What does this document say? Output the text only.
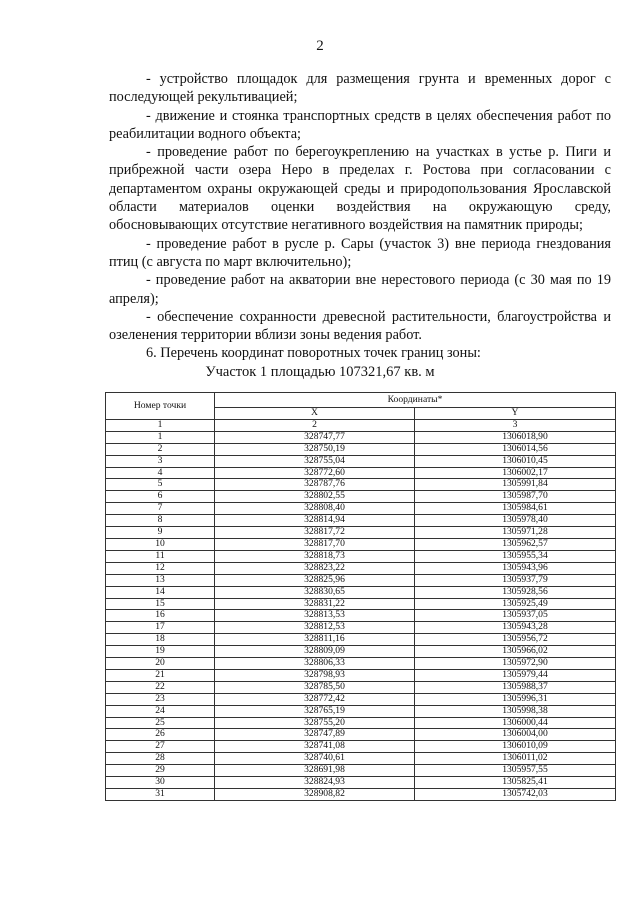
2

- устройство площадок для размещения грунта и временных дорог с последующей рекультивацией;

- движение и стоянка транспортных средств в целях обеспечения работ по реабилитации водного объекта;

- проведение работ по берегоукреплению на участках в устье р. Пиги и прибрежной части озера Неро в пределах г. Ростова при согласовании с департаментом охраны окружающей среды и природопользования Ярославской области материалов оценки воздействия на окружающую среду, обосновывающих отсутствие негативного воздействия на памятник природы;

- проведение работ в русле р. Сары (участок 3) вне периода гнездования птиц (с августа по март включительно);

- проведение работ на акватории вне нерестового периода (с 30 мая по 19 апреля);

- обеспечение сохранности древесной растительности, благоустройства и озеленения территории вблизи зоны ведения работ.

6. Перечень координат поворотных точек границ зоны:

Участок 1 площадью 107321,67 кв. м
Номер точки	Координаты*	
	X	Y
1	2	3
1	328747,77	1306018,90
2	328750,19	1306014,56
3	328755,04	1306010,45
4	328772,60	1306002,17
5	328787,76	1305991,84
6	328802,55	1305987,70
7	328808,40	1305984,61
8	328814,94	1305978,40
9	328817,72	1305971,28
10	328817,70	1305962,57
11	328818,73	1305955,34
12	328823,22	1305943,96
13	328825,96	1305937,79
14	328830,65	1305928,56
15	328831,22	1305925,49
16	328813,53	1305937,05
17	328812,53	1305943,28
18	328811,16	1305956,72
19	328809,09	1305966,02
20	328806,33	1305972,90
21	328798,93	1305979,44
22	328785,50	1305988,37
23	328772,42	1305996,31
24	328765,19	1305998,38
25	328755,20	1306000,44
26	328747,89	1306004,00
27	328741,08	1306010,09
28	328740,61	1306011,02
29	328691,98	1305957,55
30	328824,93	1305825,41
31	328908,82	1305742,03
